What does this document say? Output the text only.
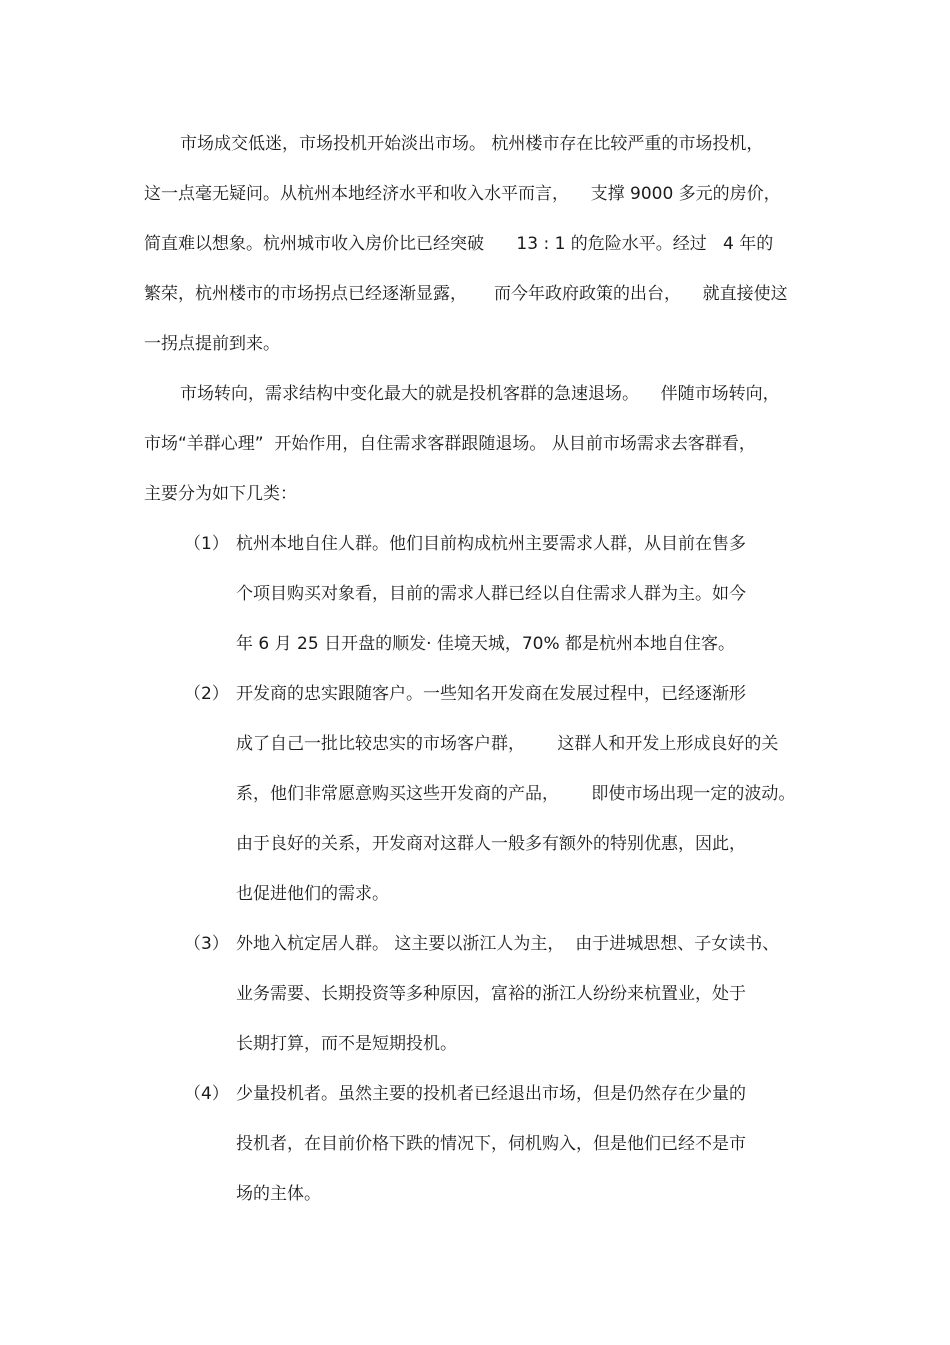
市场成交低迷，市场投机开始淡出市场。 杭州楼市存在比较严重的市场投机，
这一点毫无疑问。从杭州本地经济水平和收入水平而言，    支撑 9000 多元的房价，
简直难以想象。杭州城市收入房价比已经突破      13 : 1 的危险水平。经过   4 年的
繁荣，杭州楼市的市场拐点已经逐渐显露，     而今年政府政策的出台，    就直接使这
一拐点提前到来。
市场转向，需求结构中变化最大的就是投机客群的急速退场。    伴随市场转向，
市场“羊群心理”  开始作用，自住需求客群跟随退场。 从目前市场需求去客群看，
主要分为如下几类：
（1） 杭州本地自住人群。他们目前构成杭州主要需求人群，从目前在售多
个项目购买对象看，目前的需求人群已经以自住需求人群为主。如今
年 6 月 25 日开盘的顺发· 佳境天城，70% 都是杭州本地自住客。
（2） 开发商的忠实跟随客户。一些知名开发商在发展过程中，已经逐渐形
成了自己一批比较忠实的市场客户群，      这群人和开发上形成良好的关
系，他们非常愿意购买这些开发商的产品，      即使市场出现一定的波动。
由于良好的关系，开发商对这群人一般多有额外的特别优惠，因此，
也促进他们的需求。
（3） 外地入杭定居人群。 这主要以浙江人为主，  由于进城思想、子女读书、
业务需要、长期投资等多种原因，富裕的浙江人纷纷来杭置业，处于
长期打算，而不是短期投机。
（4） 少量投机者。虽然主要的投机者已经退出市场，但是仍然存在少量的
投机者，在目前价格下跌的情况下，伺机购入，但是他们已经不是市
场的主体。
